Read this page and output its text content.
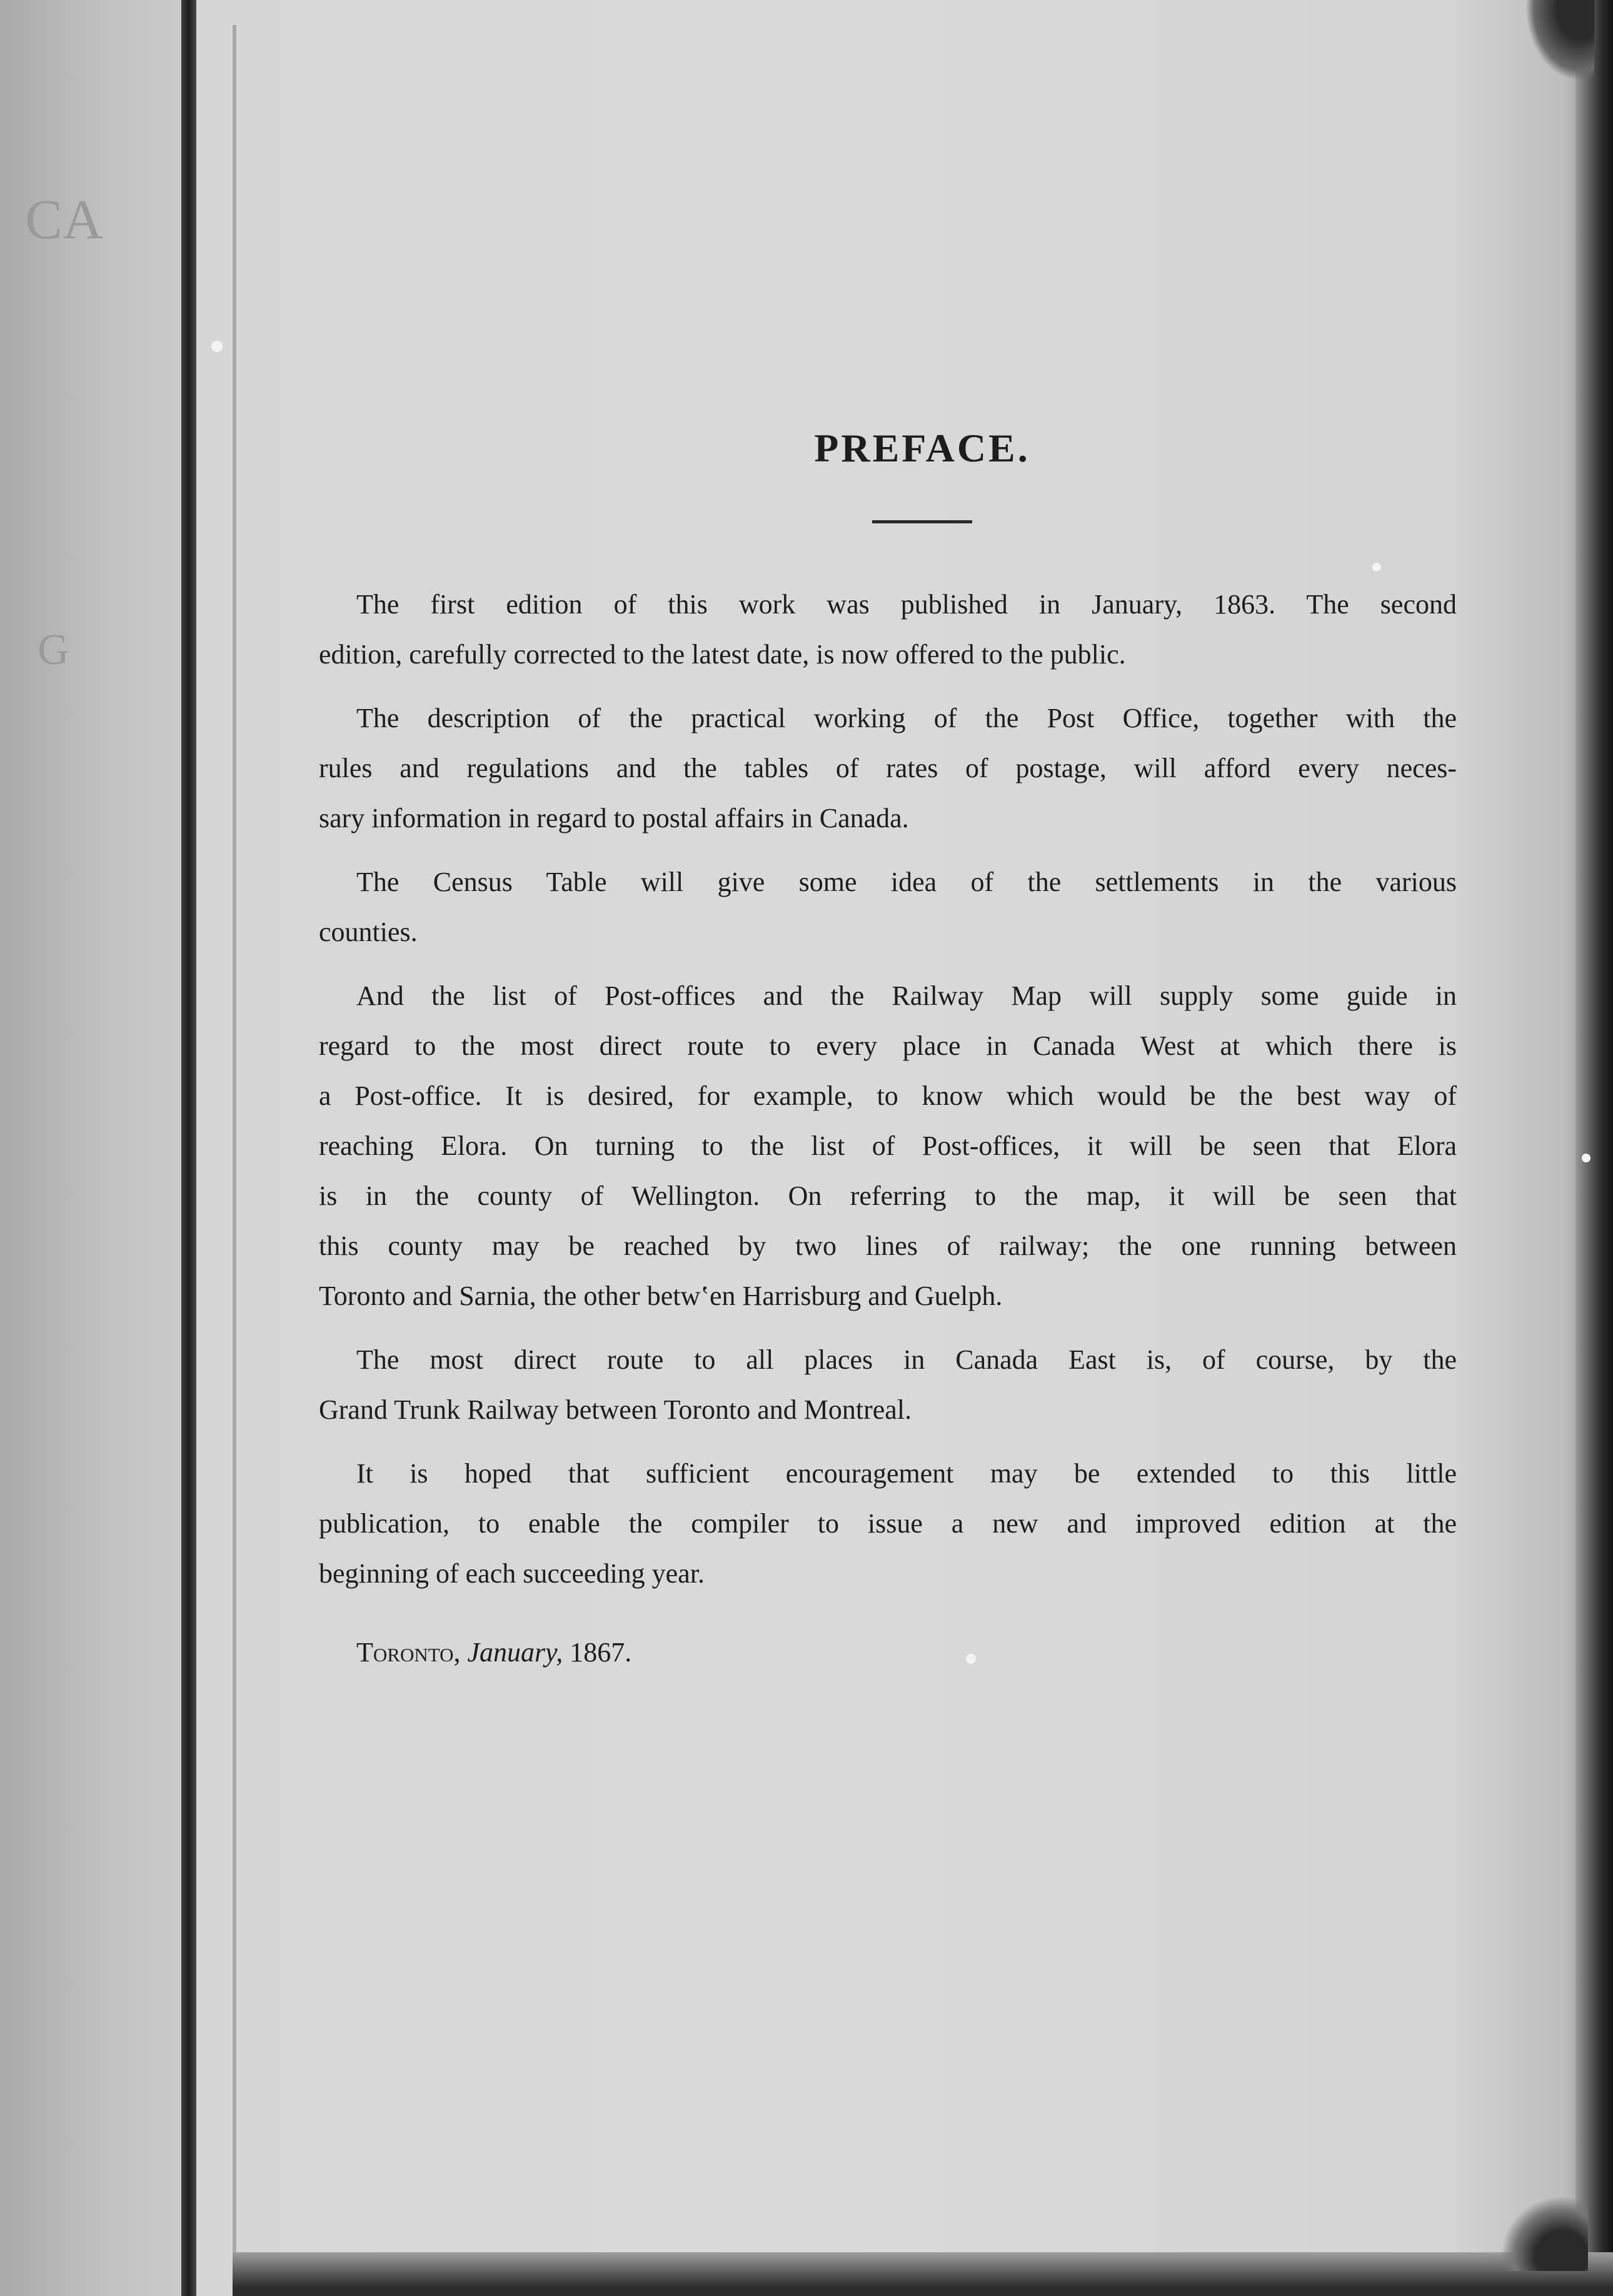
CA
G
PREFACE.

The first edition of this work was published in January, 1863. The second
edition, carefully corrected to the latest date, is now offered to the public.

The description of the practical working of the Post Office, together with the
rules and regulations and the tables of rates of postage, will afford every neces-
sary information in regard to postal affairs in Canada.

The Census Table will give some idea of the settlements in the various
counties.

And the list of Post-offices and the Railway Map will supply some guide in
regard to the most direct route to every place in Canada West at which there is
a Post-office. It is desired, for example, to know which would be the best way of
reaching Elora. On turning to the list of Post-offices, it will be seen that Elora
is in the county of Wellington. On referring to the map, it will be seen that
this county may be reached by two lines of railway; the one running between
Toronto and Sarnia, the other betwʽen Harrisburg and Guelph.

The most direct route to all places in Canada East is, of course, by the
Grand Trunk Railway between Toronto and Montreal.

It is hoped that sufficient encouragement may be extended to this little
publication, to enable the compiler to issue a new and improved edition at the
beginning of each succeeding year.

Toronto, January, 1867.
